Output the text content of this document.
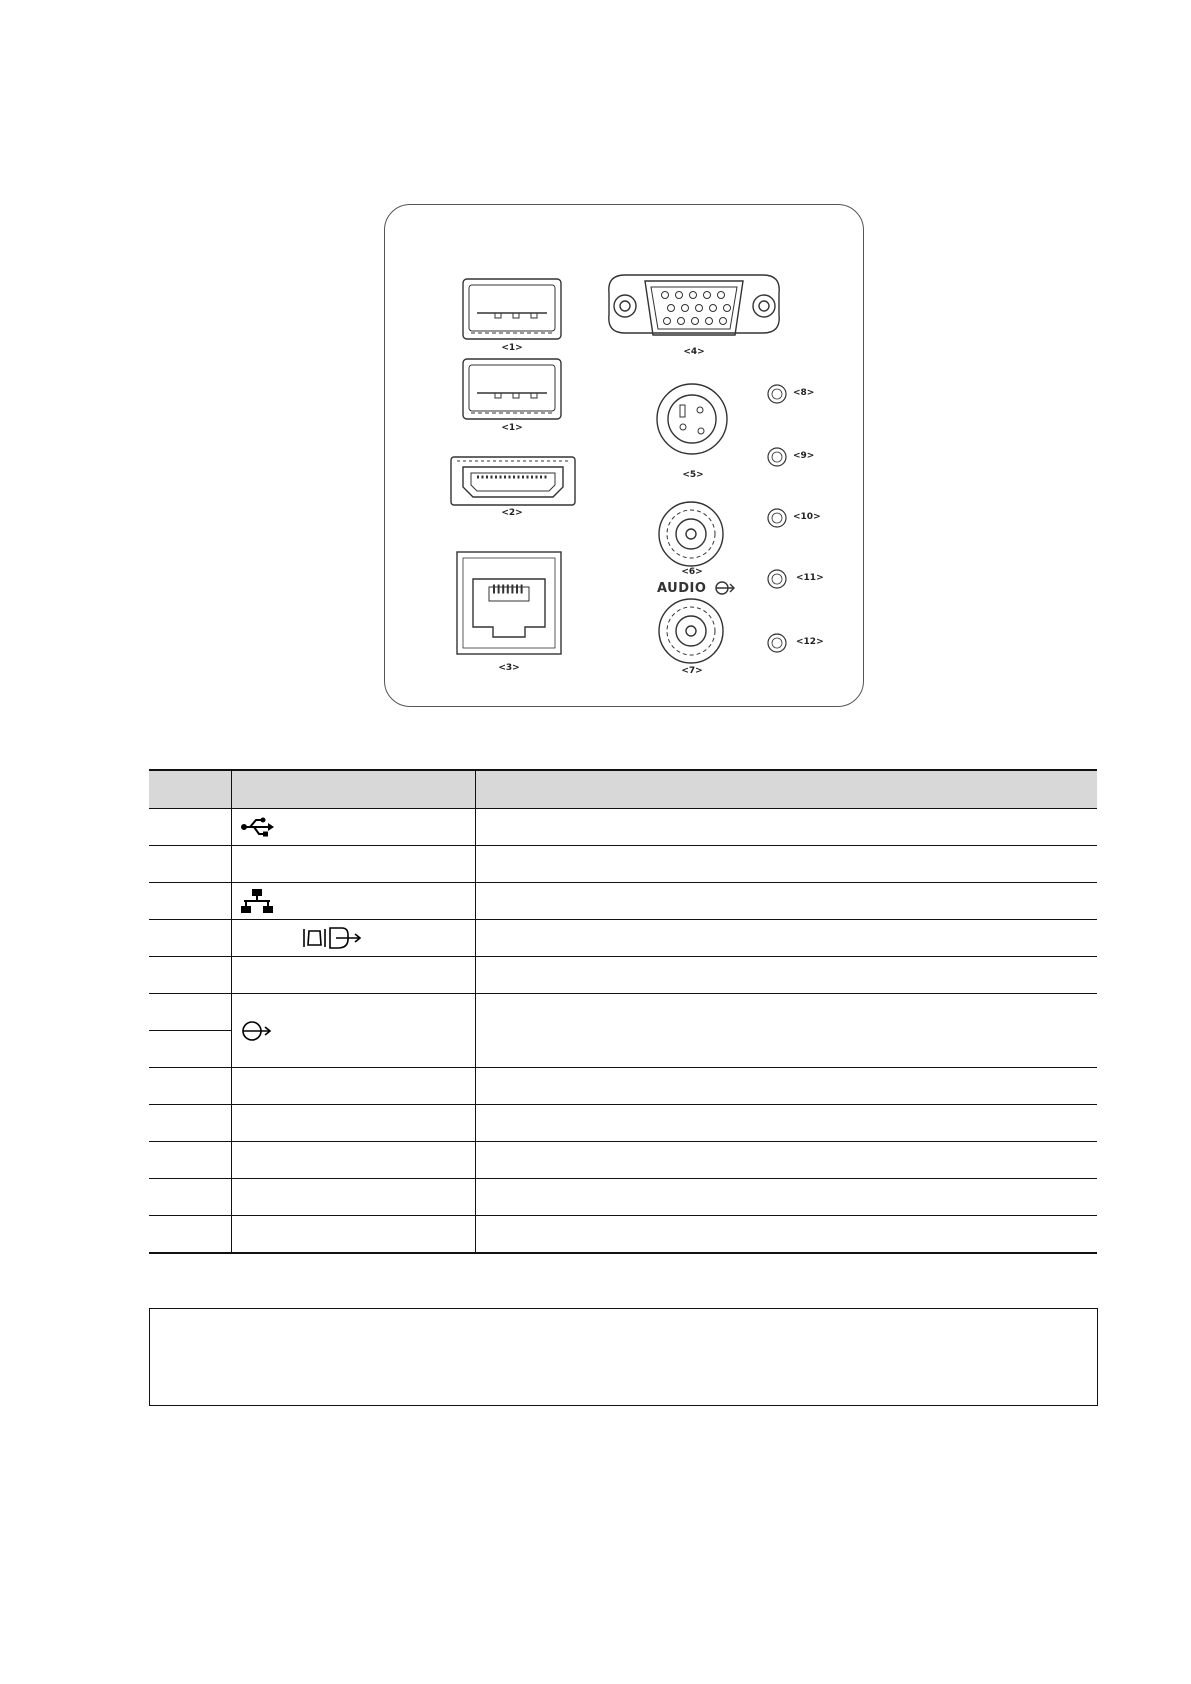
<1>
<1>
<2>
<3>
<4>
<5>
<6>
<7>
<8>
<9>
<10>
<11>
<12>
AUDIO
